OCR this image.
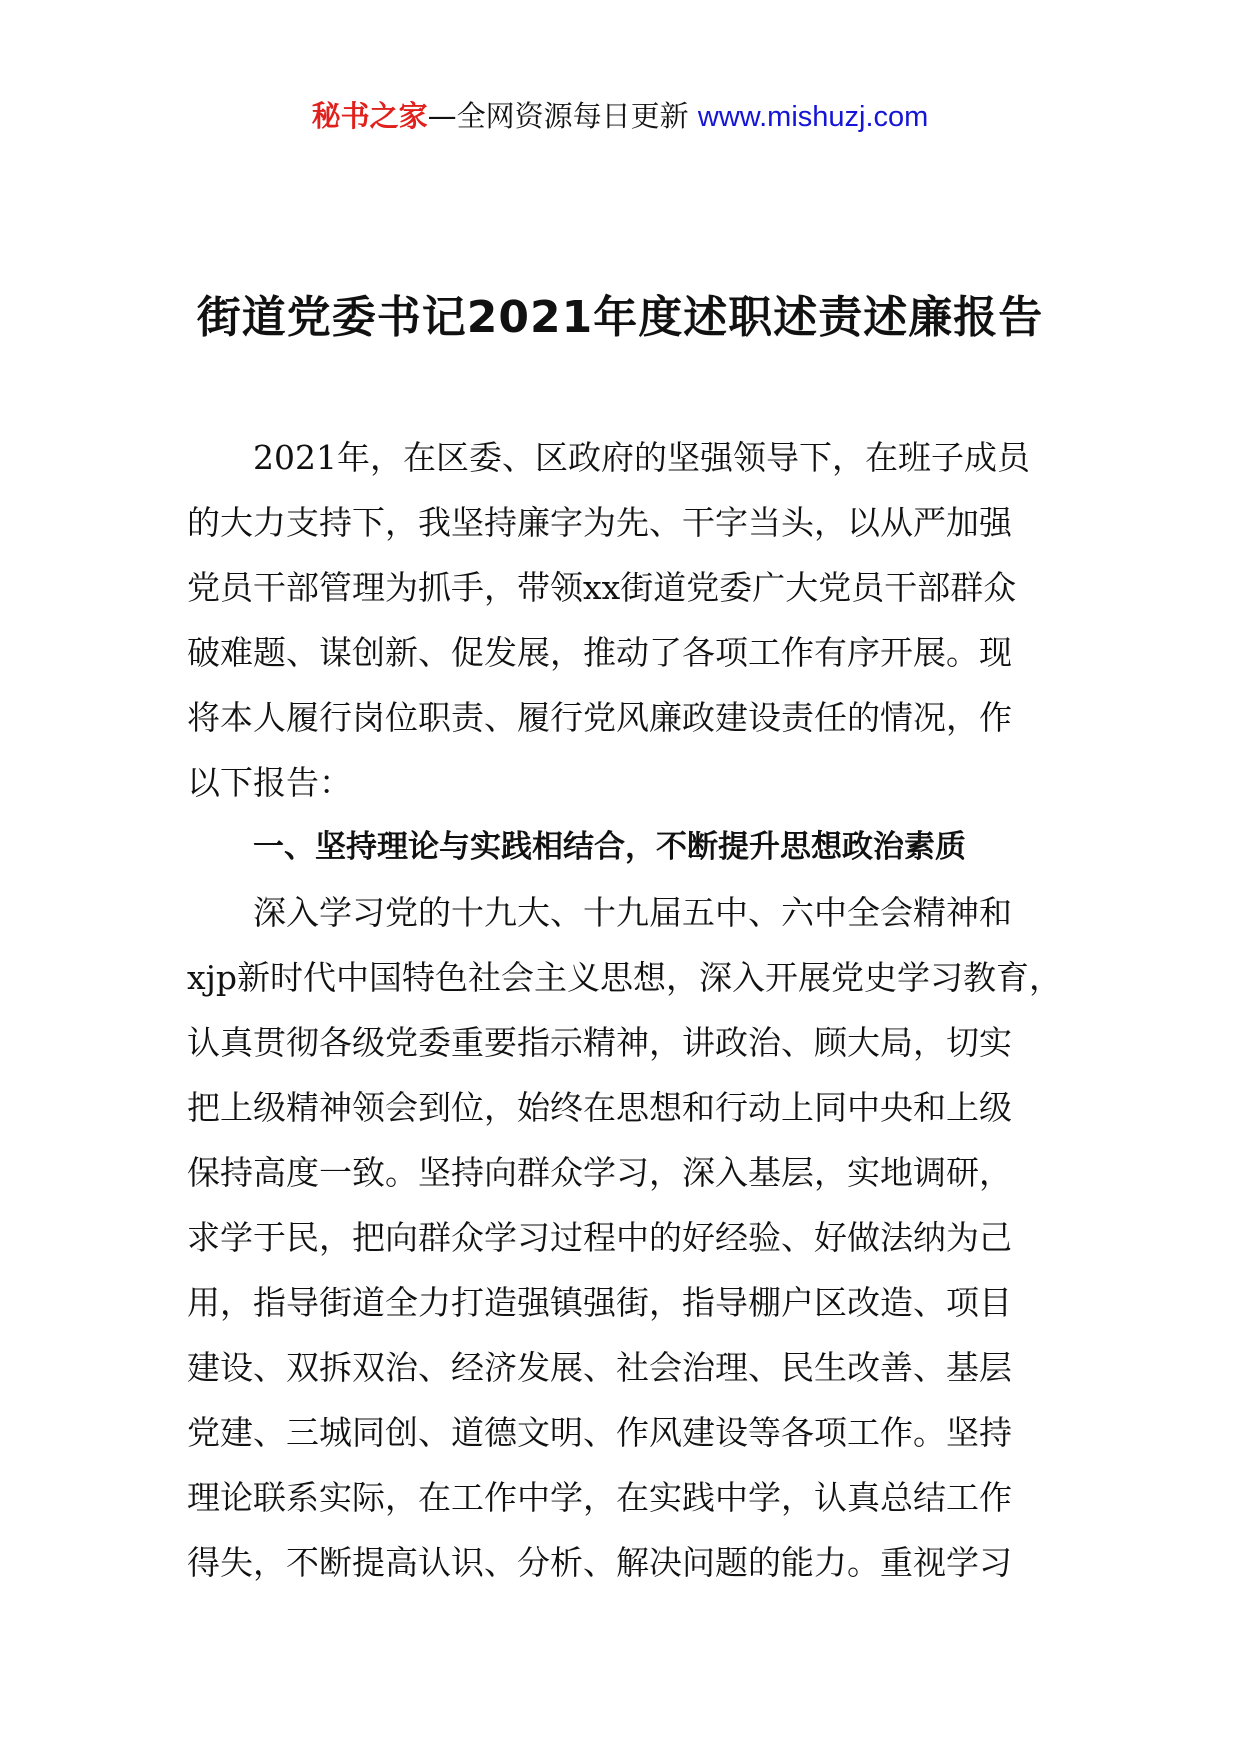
秘书之家—全网资源每日更新 www.mishuzj.com
街道党委书记2021年度述职述责述廉报告
2021年，在区委、区政府的坚强领导下，在班子成员
的大力支持下，我坚持廉字为先、干字当头，以从严加强
党员干部管理为抓手，带领xx街道党委广大党员干部群众
破难题、谋创新、促发展，推动了各项工作有序开展。现
将本人履行岗位职责、履行党风廉政建设责任的情况，作
以下报告：
一、坚持理论与实践相结合，不断提升思想政治素质
深入学习党的十九大、十九届五中、六中全会精神和
xjp新时代中国特色社会主义思想，深入开展党史学习教育，
认真贯彻各级党委重要指示精神，讲政治、顾大局，切实
把上级精神领会到位，始终在思想和行动上同中央和上级
保持高度一致。坚持向群众学习，深入基层，实地调研，
求学于民，把向群众学习过程中的好经验、好做法纳为己
用，指导街道全力打造强镇强街，指导棚户区改造、项目
建设、双拆双治、经济发展、社会治理、民生改善、基层
党建、三城同创、道德文明、作风建设等各项工作。坚持
理论联系实际，在工作中学，在实践中学，认真总结工作
得失，不断提高认识、分析、解决问题的能力。重视学习
